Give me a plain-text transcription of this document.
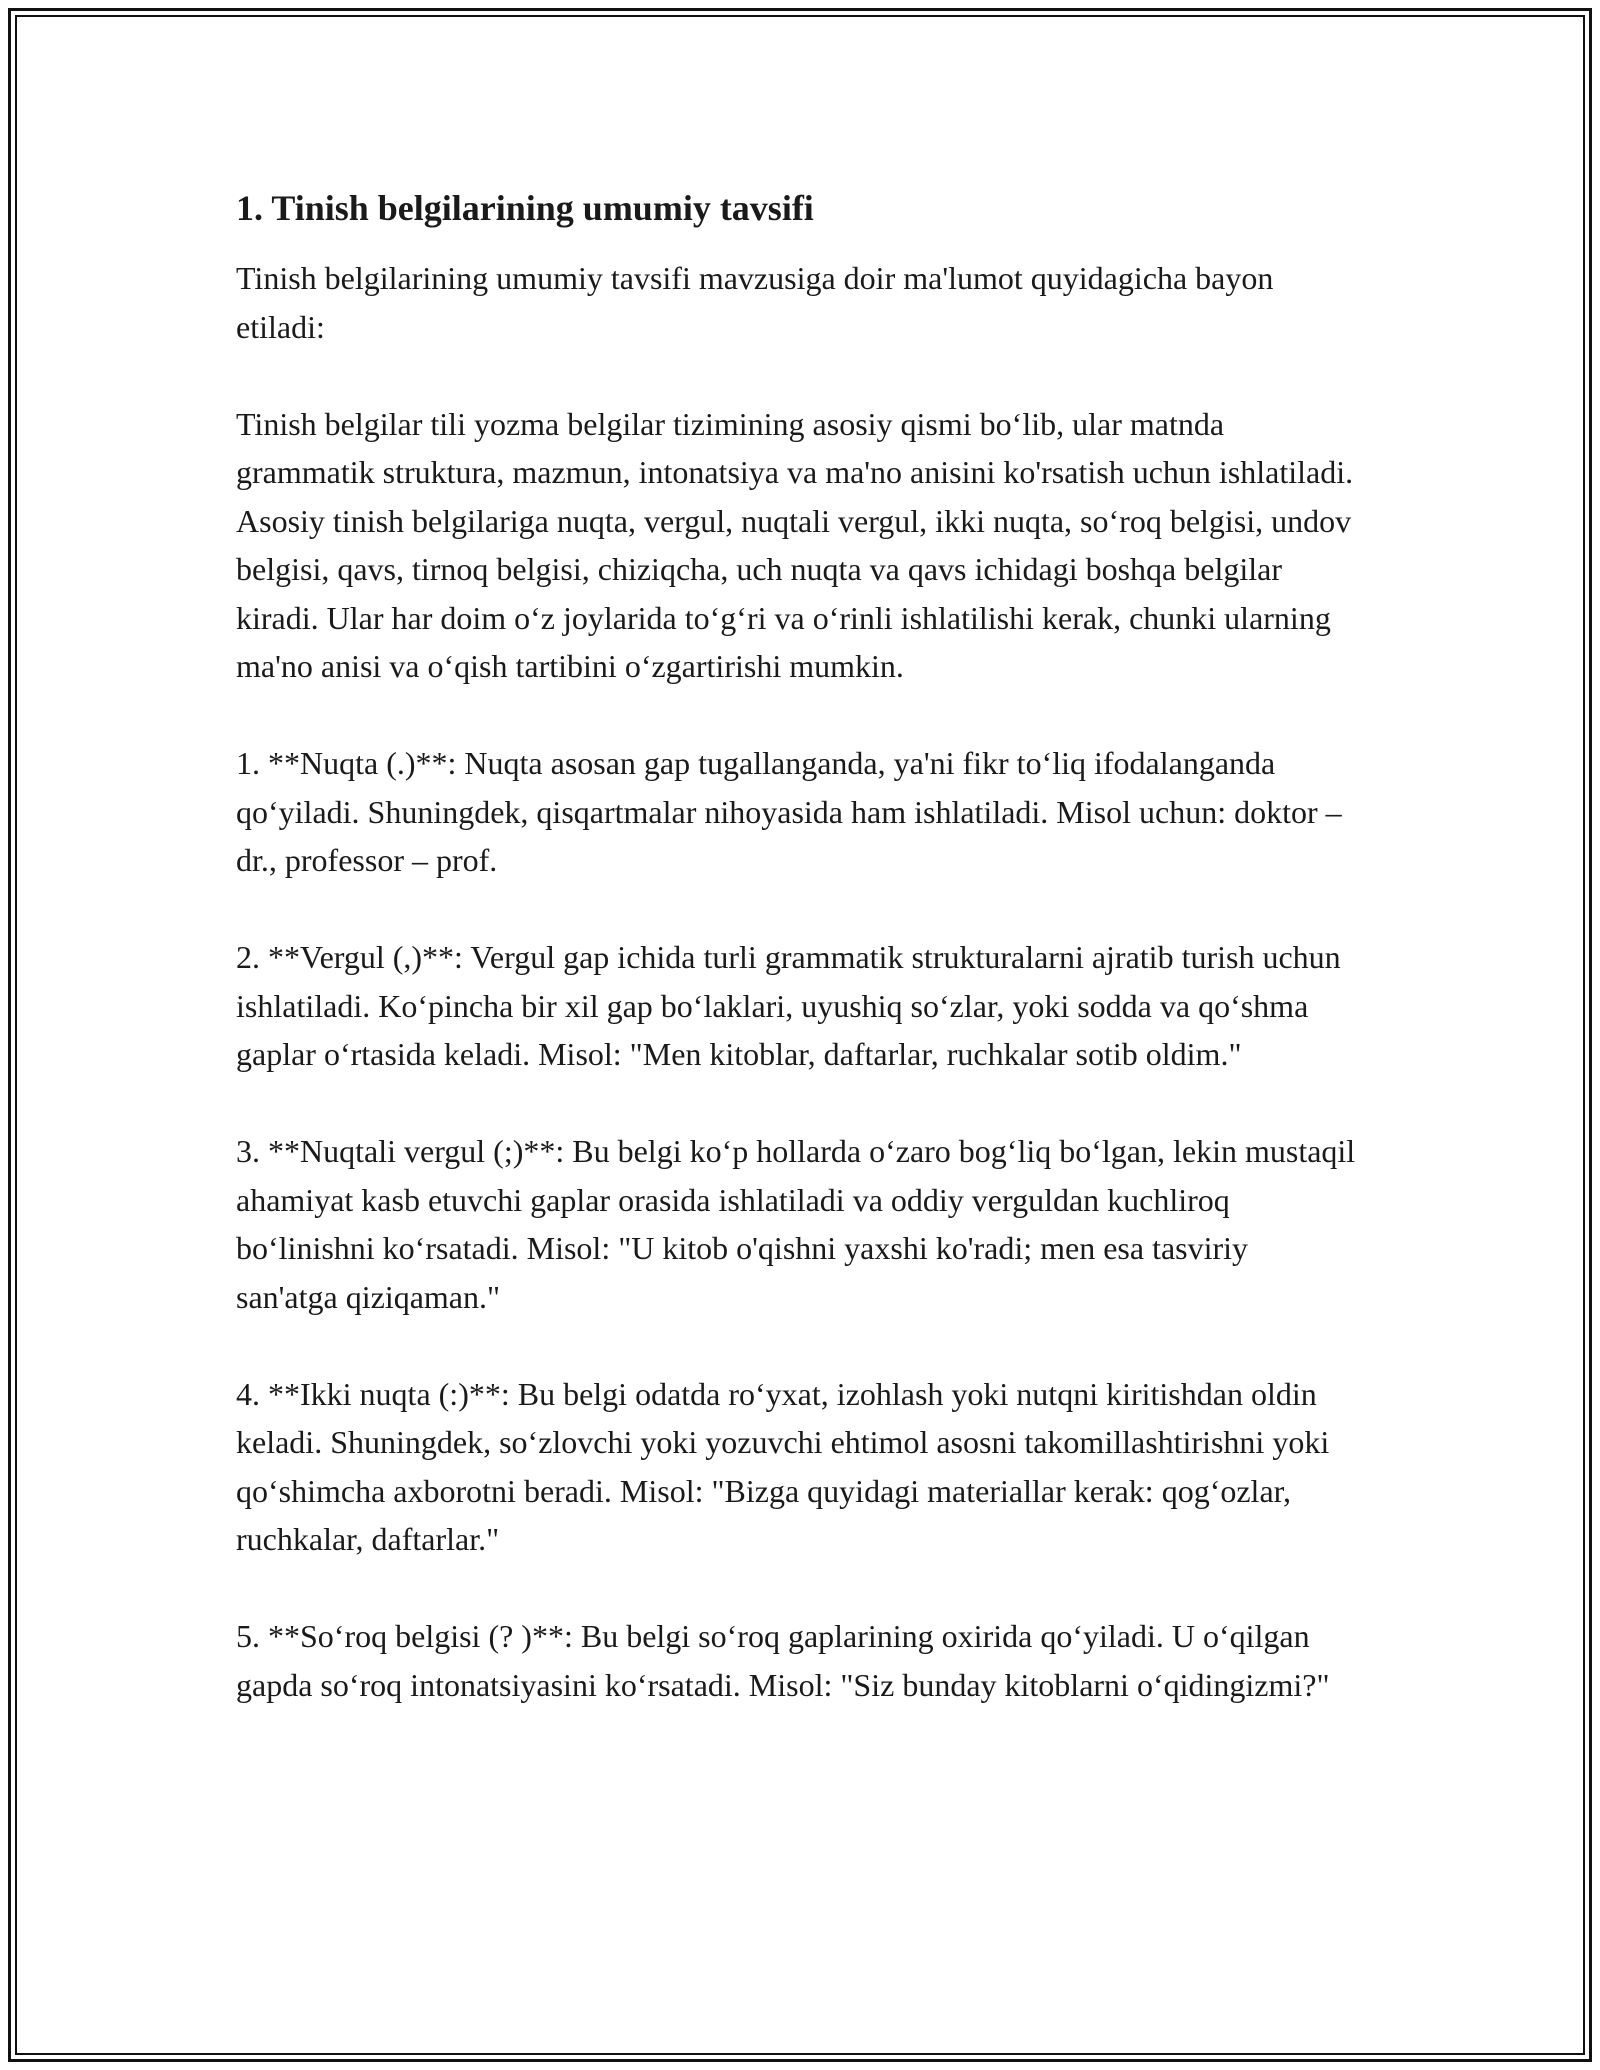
1. Tinish belgilarining umumiy tavsifi

Tinish belgilarining umumiy tavsifi mavzusiga doir ma'lumot quyidagicha bayon etiladi:

Tinish belgilar tili yozma belgilar tizimining asosiy qismi bo‘lib, ular matnda grammatik struktura, mazmun, intonatsiya va ma'no anisini ko'rsatish uchun ishlatiladi. Asosiy tinish belgilariga nuqta, vergul, nuqtali vergul, ikki nuqta, so‘roq belgisi, undov belgisi, qavs, tirnoq belgisi, chiziqcha, uch nuqta va qavs ichidagi boshqa belgilar kiradi. Ular har doim o‘z joylarida to‘g‘ri va o‘rinli ishlatilishi kerak, chunki ularning ma'no anisi va o‘qish tartibini o‘zgartirishi mumkin.

1. **Nuqta (.)**: Nuqta asosan gap tugallanganda, ya'ni fikr to‘liq ifodalanganda qo‘yiladi. Shuningdek, qisqartmalar nihoyasida ham ishlatiladi. Misol uchun: doktor – dr., professor – prof.

2. **Vergul (,)**: Vergul gap ichida turli grammatik strukturalarni ajratib turish uchun ishlatiladi. Ko‘pincha bir xil gap bo‘laklari, uyushiq so‘zlar, yoki sodda va qo‘shma gaplar o‘rtasida keladi. Misol: "Men kitoblar, daftarlar, ruchkalar sotib oldim."

3. **Nuqtali vergul (;)**: Bu belgi ko‘p hollarda o‘zaro bog‘liq bo‘lgan, lekin mustaqil ahamiyat kasb etuvchi gaplar orasida ishlatiladi va oddiy verguldan kuchliroq bo‘linishni ko‘rsatadi. Misol: "U kitob o'qishni yaxshi ko'radi; men esa tasviriy san'atga qiziqaman."

4. **Ikki nuqta (:)**: Bu belgi odatda ro‘yxat, izohlash yoki nutqni kiritishdan oldin keladi. Shuningdek, so‘zlovchi yoki yozuvchi ehtimol asosni takomillashtirishni yoki qo‘shimcha axborotni beradi. Misol: "Bizga quyidagi materiallar kerak: qog‘ozlar, ruchkalar, daftarlar."

5. **So‘roq belgisi (? )**: Bu belgi so‘roq gaplarining oxirida qo‘yiladi. U o‘qilgan gapda so‘roq intonatsiyasini ko‘rsatadi. Misol: "Siz bunday kitoblarni o‘qidingizmi?"
